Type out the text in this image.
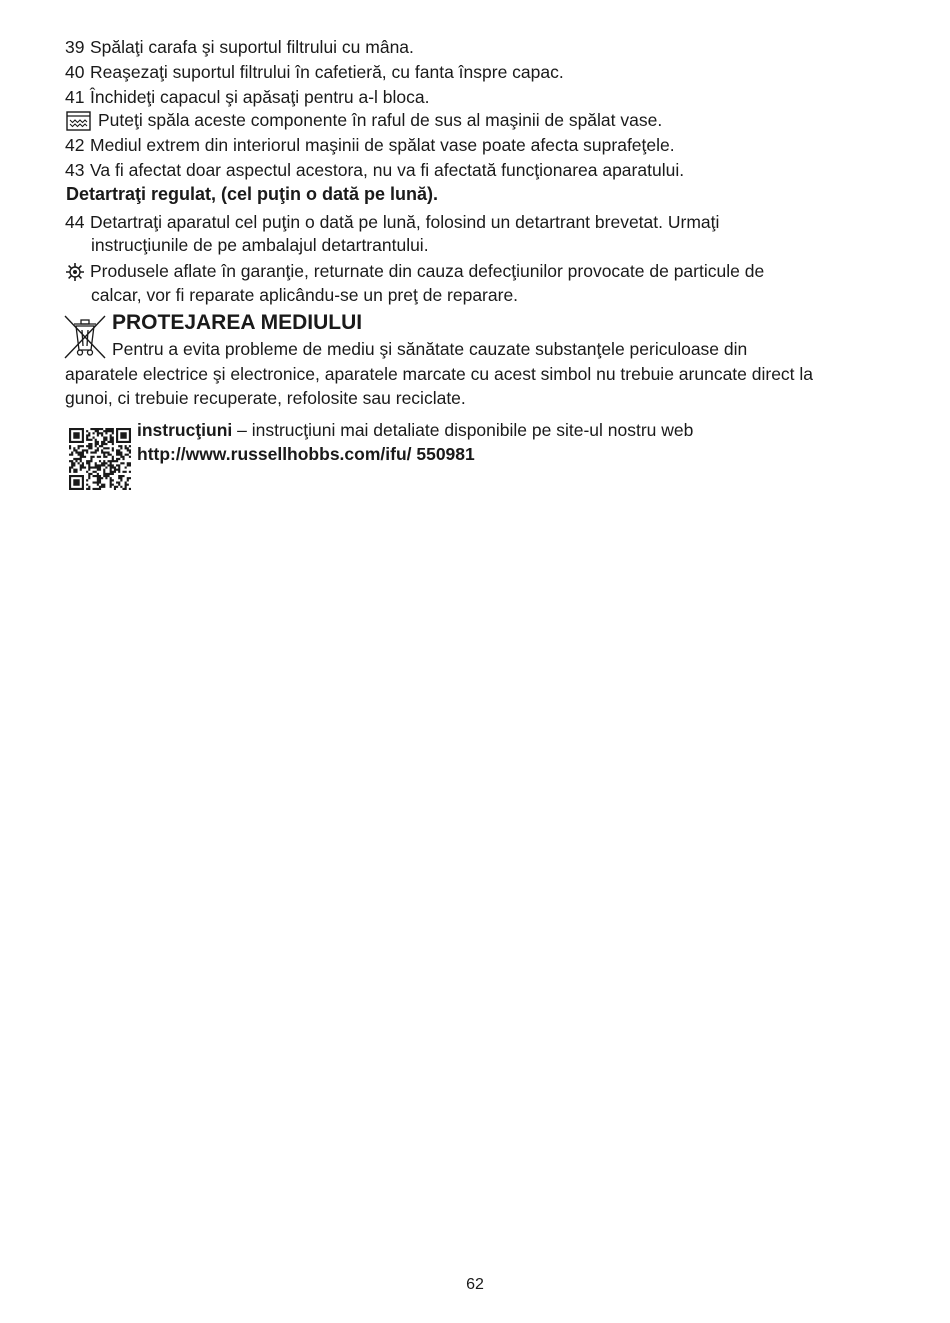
39 Spălaţi carafa şi suportul filtrului cu mâna.
40 Reaşezaţi suportul filtrului în cafetieră, cu fanta înspre capac.
41 Închideţi capacul şi apăsaţi pentru a-l bloca.
Puteţi spăla aceste componente în raful de sus al maşinii de spălat vase.
42 Mediul extrem din interiorul maşinii de spălat vase poate afecta suprafeţele.
43 Va fi afectat doar aspectul acestora, nu va fi afectată funcţionarea aparatului.
Detartraţi regulat, (cel puţin o dată pe lună).
44 Detartraţi aparatul cel puţin o dată pe lună, folosind un detartrant brevetat. Urmaţi
instrucţiunile de pe ambalajul detartrantului.
Produsele aflate în garanţie, returnate din cauza defecţiunilor provocate de particule de
calcar, vor fi reparate aplicându-se un preţ de reparare.
PROTEJAREA MEDIULUI
Pentru a evita probleme de mediu şi sănătate cauzate substanţele periculoase din
aparatele electrice şi electronice, aparatele marcate cu acest simbol nu trebuie aruncate direct la
gunoi, ci trebuie recuperate, refolosite sau reciclate.
instrucţiuni – instrucţiuni mai detaliate disponibile pe site-ul nostru web
http://www.russellhobbs.com/ifu/ 550981
62
